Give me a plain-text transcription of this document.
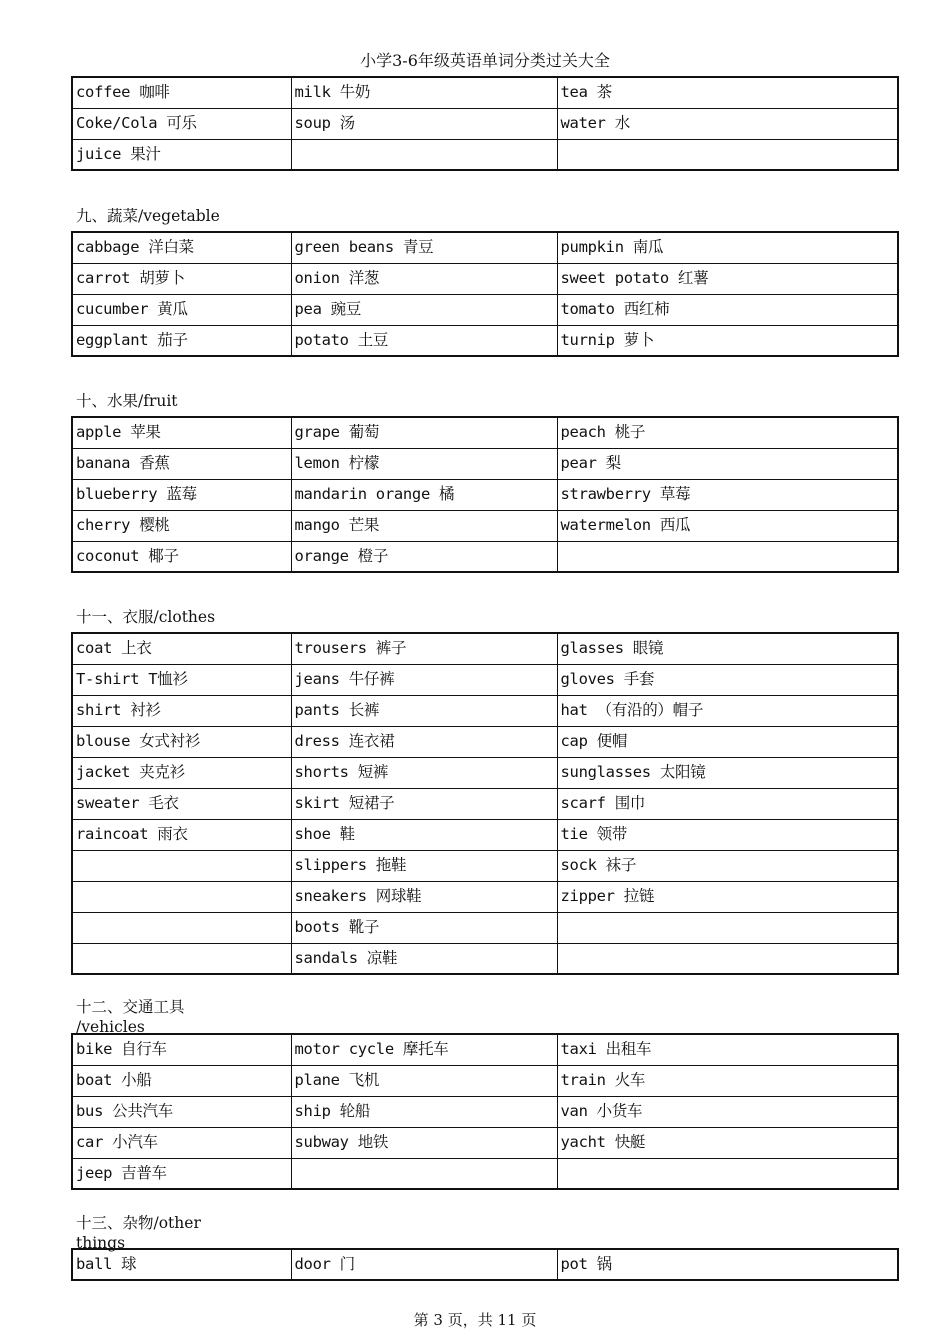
小学3-6年级英语单词分类过关大全
coffee 咖啡	milk 牛奶	tea 茶
Coke/Cola 可乐	soup 汤	water 水
juice 果汁		
九、蔬菜/vegetable
cabbage 洋白菜	green beans 青豆	pumpkin 南瓜
carrot 胡萝卜	onion 洋葱	sweet potato 红薯
cucumber 黄瓜	pea 豌豆	tomato 西红柿
eggplant 茄子	potato 土豆	turnip 萝卜
十、水果/fruit
apple 苹果	grape 葡萄	peach 桃子
banana 香蕉	lemon 柠檬	pear 梨
blueberry 蓝莓	mandarin orange 橘	strawberry 草莓
cherry 樱桃	mango 芒果	watermelon 西瓜
coconut 椰子	orange 橙子	
十一、衣服/clothes
coat 上衣	trousers 裤子	glasses 眼镜
T-shirt T恤衫	jeans 牛仔裤	gloves 手套
shirt 衬衫	pants 长裤	hat （有沿的）帽子
blouse 女式衬衫	dress 连衣裙	cap 便帽
jacket 夹克衫	shorts 短裤	sunglasses 太阳镜
sweater 毛衣	skirt 短裙子	scarf 围巾
raincoat 雨衣	shoe 鞋	tie 领带
	slippers 拖鞋	sock 袜子
	sneakers 网球鞋	zipper 拉链
	boots 靴子	
	sandals 凉鞋	
十二、交通工具
/vehicles
bike 自行车	motor cycle 摩托车	taxi 出租车
boat 小船	plane 飞机	train 火车
bus 公共汽车	ship 轮船	van 小货车
car 小汽车	subway 地铁	yacht 快艇
jeep 吉普车		
十三、杂物/other
things
ball 球	door 门	pot 锅
第 3 页，共 11 页
